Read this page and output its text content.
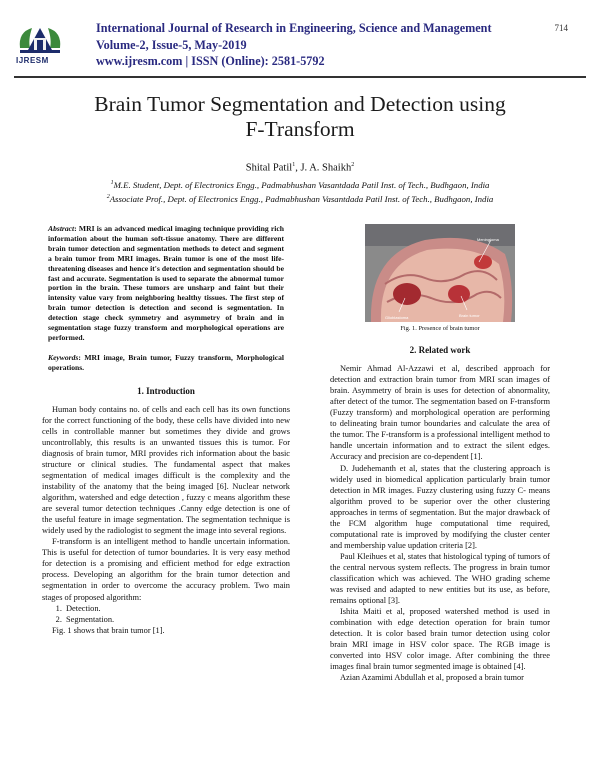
IJRESM
International Journal of Research in Engineering, Science and Management
Volume-2, Issue-5, May-2019
www.ijresm.com | ISSN (Online): 2581-5792
714
Brain Tumor Segmentation and Detection using
F-Transform
Shital Patil$^1$, J. A. Shaikh$^2$
$^1$M.E. Student, Dept. of Electronics Engg., Padmabhushan Vasantdada Patil Inst. of Tech., Budhgaon, India
$^2$Associate Prof., Dept. of Electronics Engg., Padmabhushan Vasantdada Patil Inst. of Tech., Budhgaon, India
Abstract: MRI is an advanced medical imaging technique providing rich information about the human soft-tissue anatomy. There are different brain tumor detection and segmentation methods to detect and segment a brain tumor from MRI images. Brain tumor is one of the most life-threatening diseases and hence it's detection and segmentation should be fast and accurate. Segmentation is used to separate the abnormal tumor portion in the brain. These tumors are unsharp and faint but their intensity value vary from neighboring healthy tissues. The first step of brain tumor detection is detection and second is segmentation. In detection stage check symmetry and asymmetry of brain and in segmentation stage fuzzy transform and morphological operations are performed.
Keywords: MRI image, Brain tumor, Fuzzy transform, Morphological operations.
1. Introduction

Human body contains no. of cells and each cell has its own functions for the correct functioning of the body, these cells have divided into new cells in controllable manner but sometimes they divide and grows uncontrollably, this results is an unwanted tissues this is tumor. For diagnosis of brain tumor, MRI provides rich information about the basic structure or clinical studies. The fundamental aspect that makes segmentation of medical images difficult is the complexity and the instability of the anatomy that the being imaged [6]. Nuclear network algorithm, watershed and edge detection , fuzzy c means algorithm these are several tumor detection techniques .Canny edge detection is one of the useful feature in image segmentation. The segmentation technique is widely used by the radiologist to segment the image into several regions.

F-transform is an intelligent method to handle uncertain information. This is useful for detection of tumor boundaries. It is very easy method for detection is a promising and efficient method for edge extraction process. Developing an algorithm for the brain tumor detection and segmentation in order to overcome the accuracy problem. Two main stages of proposed algorithm:

1. Detection.
2. Segmentation.

Fig. 1 shows that brain tumor [1].

Meningioma
Glioblastoma	Brain tumor
Fig. 1. Presence of brain tumor
2. Related work

Nemir Ahmad Al-Azzawi et al, described approach for detection and extraction brain tumor from MRI scan images of brain. Asymmetry of brain is uses for detection of abnormality, after detect of the tumor. The segmentation based on F-transform (Fuzzy transform) and morphological operation are performing to delineating brain tumor boundaries and calculate the area of the tumor. The F-transform is a professional intelligent method to handle uncertain information and to extract the silent edges. Accuracy and precision are co-dependent [1].

D. Judehemanth et al, states that the clustering approach is widely used in biomedical application particularly brain tumor detection in MR images. Fuzzy clustering using fuzzy C- means algorithm proved to be superior over the other clustering approaches in terms of segmentation. But the major drawback of the FCM algorithm huge computational time required, computational rate is improved by modifying the cluster center and membership value updation criteria [2].

Paul Kleihues et al, states that histological typing of tumors of the central nervous system reflects. The progress in brain tumor classification which was achieved. The WHO grading scheme was revised and adapted to new entities but its use, as before, remains optional [3].

Ishita Maiti et al, proposed watershed method is used in combination with edge detection operation for brain tumor detection. It is color based brain tumor detection using color brain MRI image in HSV color space. The RGB image is converted into HSV color image. After combining the three images final brain tumor segmented image is obtained [4].

Azian Azamimi Abdullah et al, proposed a brain tumor
